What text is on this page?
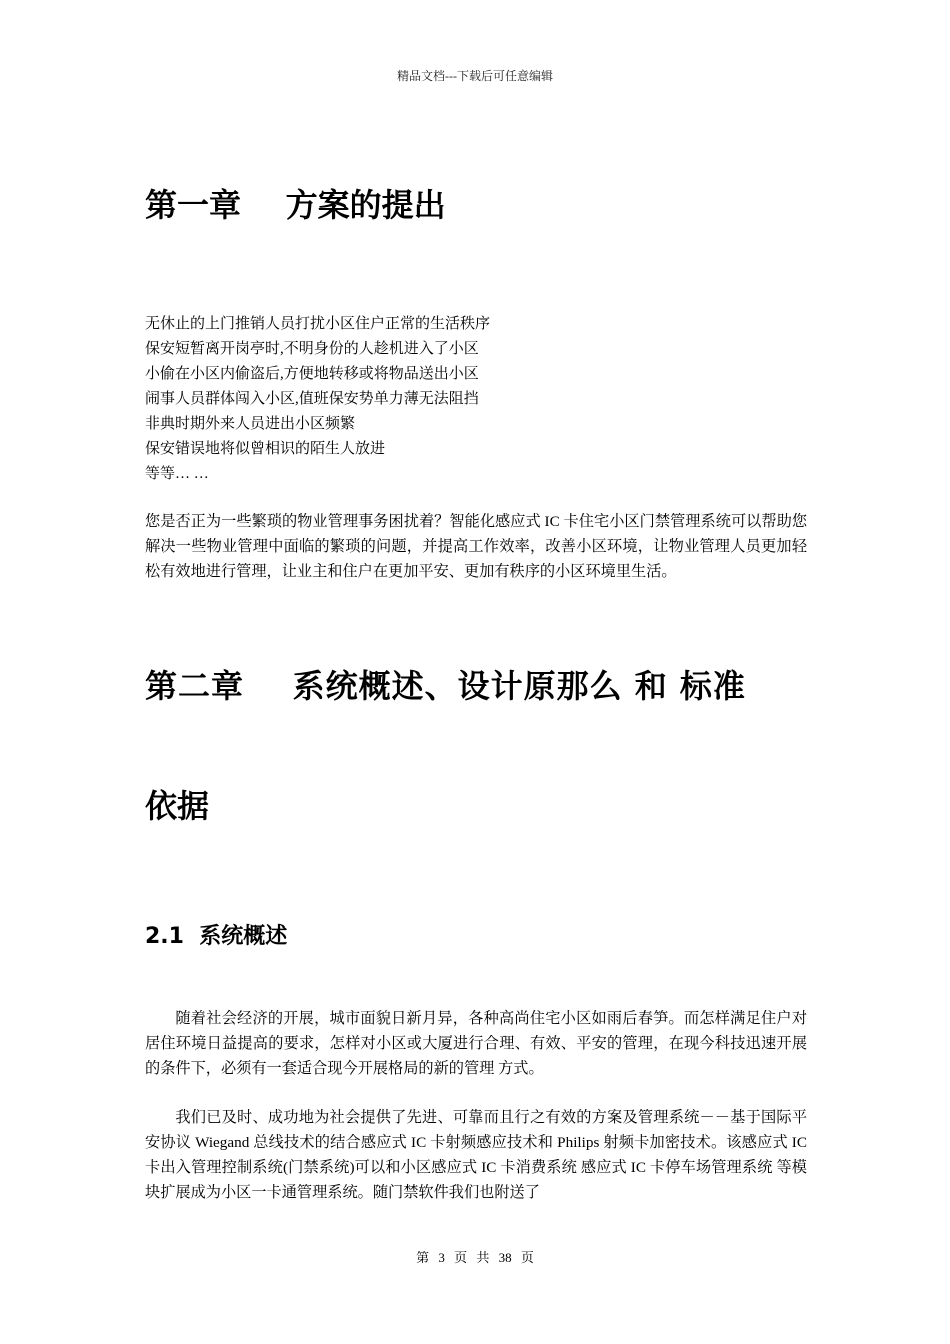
精品文档---下载后可任意编辑
第一章    方案的提出
无休止的上门推销人员打扰小区住户正常的生活秩序
保安短暂离开岗亭时,不明身份的人趁机进入了小区
小偷在小区内偷盗后,方便地转移或将物品送出小区
闹事人员群体闯入小区,值班保安势单力薄无法阻挡
非典时期外来人员进出小区频繁
保安错误地将似曾相识的陌生人放进
等等… …

您是否正为一些繁琐的物业管理事务困扰着？智能化感应式 IC 卡住宅小区门禁管理系统可以帮助您解决一些物业管理中面临的繁琐的问题，并提高工作效率，改善小区环境，让物业管理人员更加轻松有效地进行管理，让业主和住户在更加平安、更加有秩序的小区环境里生活。

第二章    系统概述、设计原那么 和 标准
依据
2.1  系统概述

随着社会经济的开展，城市面貌日新月异，各种高尚住宅小区如雨后春笋。而怎样满足住户对居住环境日益提高的要求，怎样对小区或大厦进行合理、有效、平安的管理，在现今科技迅速开展的条件下，必须有一套适合现今开展格局的新的管理 方式。

我们已及时、成功地为社会提供了先进、可靠而且行之有效的方案及管理系统－－基于国际平安协议 Wiegand 总线技术的结合感应式 IC 卡射频感应技术和 Philips 射频卡加密技术。该感应式 IC 卡出入管理控制系统(门禁系统)可以和小区感应式 IC 卡消费系统 感应式 IC 卡停车场管理系统 等模块扩展成为小区一卡通管理系统。随门禁软件我们也附送了

第 3 页 共 38 页
